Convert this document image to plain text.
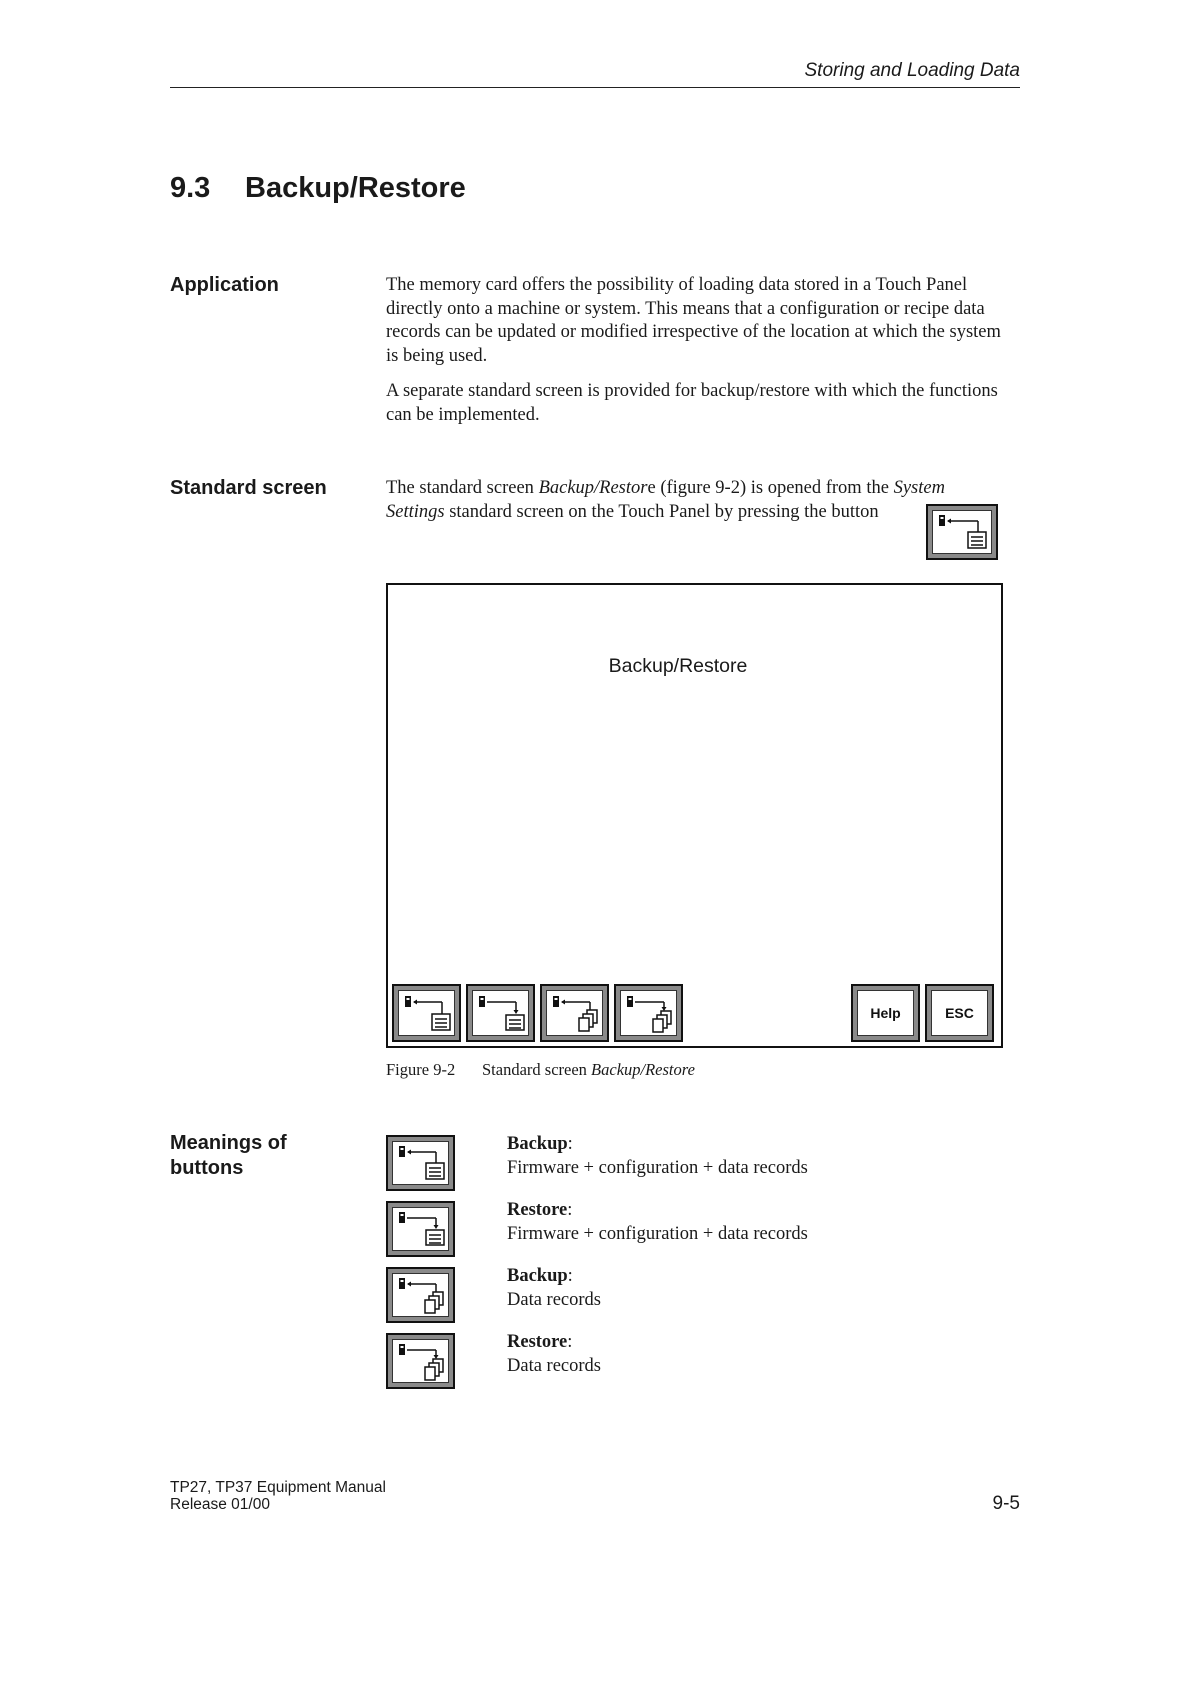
Storing and Loading Data
9.3 Backup/Restore
Application	The memory card offers the possibility of loading data stored in a Touch Panel directly onto a machine or system. This means that a configuration or recipe data records can be updated or modified irrespective of the location at which the system is being used.
A separate standard screen is provided for backup/restore with which the functions can be implemented.
Standard screen	The standard screen Backup/Restore (figure 9-2) is opened from the System Settings standard screen on the Touch Panel by pressing the button
Backup/Restore
Help	ESC
Figure 9-2 Standard screen Backup/Restore
Meanings of
buttons
Backup:
Firmware + configuration + data records
Restore:
Firmware + configuration + data records
Backup:
Data records
Restore:
Data records
TP27, TP37 Equipment Manual
Release 01/00	9-5
